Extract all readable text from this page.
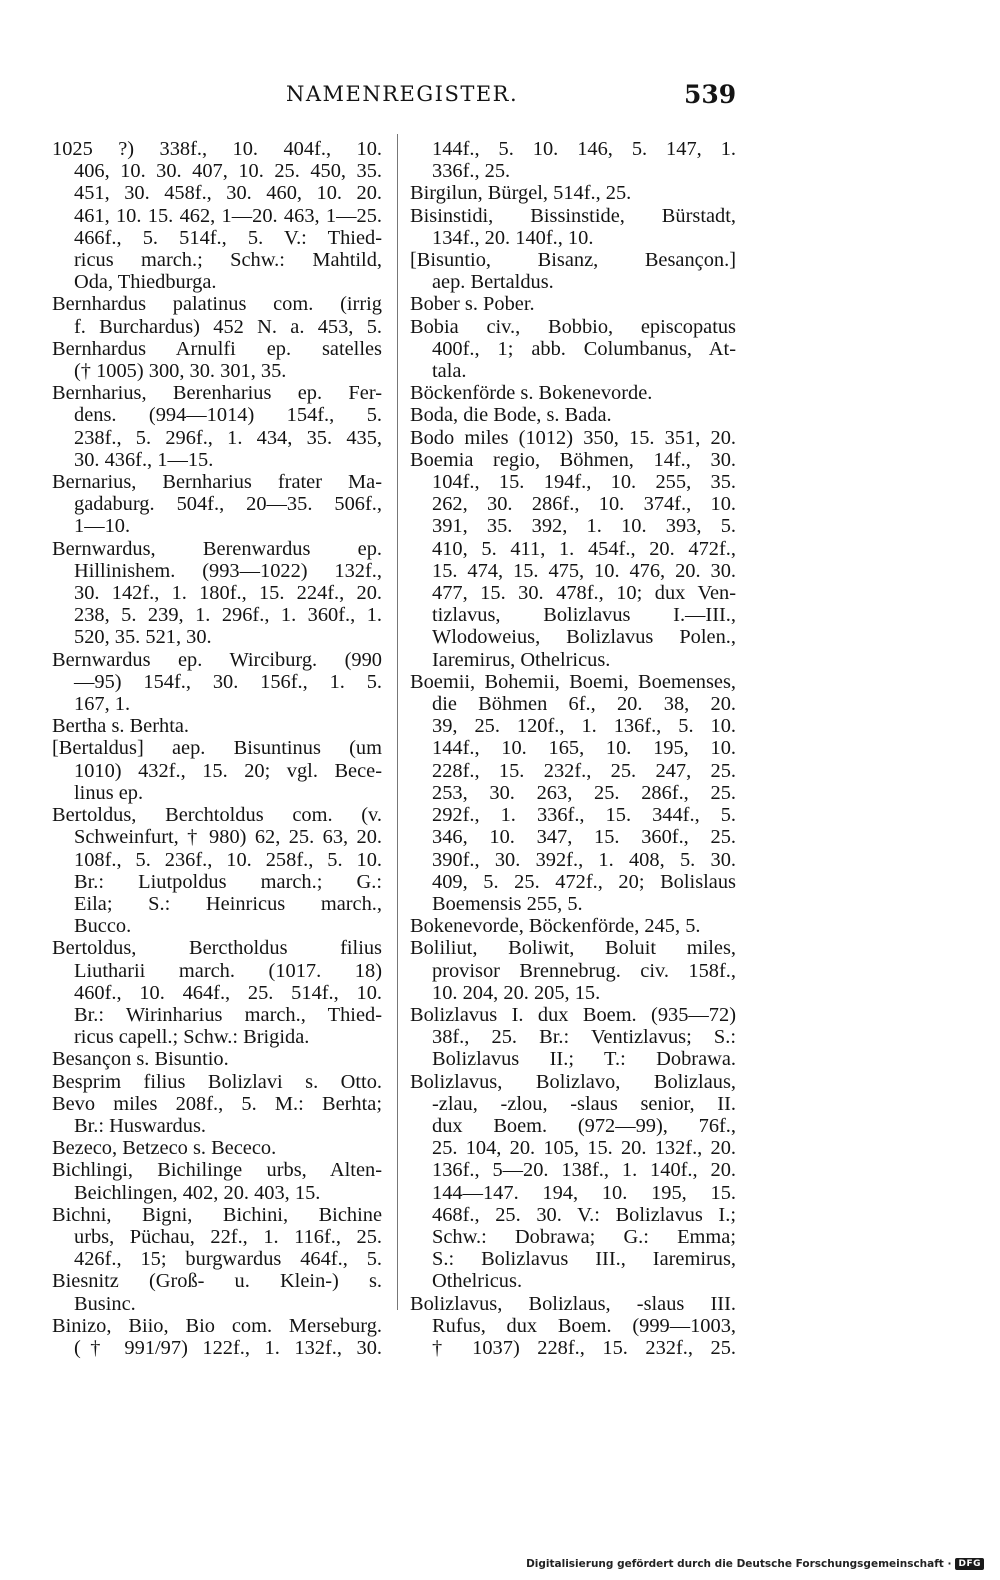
NAMENREGISTER.	539
1025 ?) 338f., 10. 404f., 10.
406, 10. 30. 407, 10. 25. 450, 35.
451, 30. 458f., 30. 460, 10. 20.
461, 10. 15. 462, 1—20. 463, 1—25.
466f., 5. 514f., 5. V.: Thied-
ricus march.; Schw.: Mahtild,
Oda, Thiedburga.
Bernhardus palatinus com. (irrig
f. Burchardus) 452 N. a. 453, 5.
Bernhardus Arnulfi ep. satelles
(† 1005) 300, 30. 301, 35.
Bernharius, Berenharius ep. Fer-
dens. (994—1014) 154f., 5.
238f., 5. 296f., 1. 434, 35. 435,
30. 436f., 1—15.
Bernarius, Bernharius frater Ma-
gadaburg. 504f., 20—35. 506f.,
1—10.
Bernwardus, Berenwardus ep.
Hillinishem. (993—1022) 132f.,
30. 142f., 1. 180f., 15. 224f., 20.
238, 5. 239, 1. 296f., 1. 360f., 1.
520, 35. 521, 30.
Bernwardus ep. Wirciburg. (990
—95) 154f., 30. 156f., 1. 5.
167, 1.
Bertha s. Berhta.
[Bertaldus] aep. Bisuntinus (um
1010) 432f., 15. 20; vgl. Bece-
linus ep.
Bertoldus, Berchtoldus com. (v.
Schweinfurt, † 980) 62, 25. 63, 20.
108f., 5. 236f., 10. 258f., 5. 10.
Br.: Liutpoldus march.; G.:
Eila; S.: Heinricus march.,
Bucco.
Bertoldus, Berctholdus filius
Liutharii march. (1017. 18)
460f., 10. 464f., 25. 514f., 10.
Br.: Wirinharius march., Thied-
ricus capell.; Schw.: Brigida.
Besançon s. Bisuntio.
Besprim filius Bolizlavi s. Otto.
Bevo miles 208f., 5. M.: Berhta;
Br.: Huswardus.
Bezeco, Betzeco s. Bececo.
Bichlingi, Bichilinge urbs, Alten-
Beichlingen, 402, 20. 403, 15.
Bichni, Bigni, Bichini, Bichine
urbs, Püchau, 22f., 1. 116f., 25.
426f., 15; burgwardus 464f., 5.
Biesnitz (Groß- u. Klein-) s.
Businc.
Binizo, Biio, Bio com. Merseburg.
(† 991/97) 122f., 1. 132f., 30.
144f., 5. 10. 146, 5. 147, 1.
336f., 25.
Birgilun, Bürgel, 514f., 25.
Bisinstidi, Bissinstide, Bürstadt,
134f., 20. 140f., 10.
[Bisuntio, Bisanz, Besançon.]
aep. Bertaldus.
Bober s. Pober.
Bobia civ., Bobbio, episcopatus
400f., 1; abb. Columbanus, At-
tala.
Böckenförde s. Bokenevorde.
Boda, die Bode, s. Bada.
Bodo miles (1012) 350, 15. 351, 20.
Boemia regio, Böhmen, 14f., 30.
104f., 15. 194f., 10. 255, 35.
262, 30. 286f., 10. 374f., 10.
391, 35. 392, 1. 10. 393, 5.
410, 5. 411, 1. 454f., 20. 472f.,
15. 474, 15. 475, 10. 476, 20. 30.
477, 15. 30. 478f., 10; dux Ven-
tizlavus, Bolizlavus I.—III.,
Wlodoweius, Bolizlavus Polen.,
Iaremirus, Othelricus.
Boemii, Bohemii, Boemi, Boemenses,
die Böhmen 6f., 20. 38, 20.
39, 25. 120f., 1. 136f., 5. 10.
144f., 10. 165, 10. 195, 10.
228f., 15. 232f., 25. 247, 25.
253, 30. 263, 25. 286f., 25.
292f., 1. 336f., 15. 344f., 5.
346, 10. 347, 15. 360f., 25.
390f., 30. 392f., 1. 408, 5. 30.
409, 5. 25. 472f., 20; Bolislaus
Boemensis 255, 5.
Bokenevorde, Böckenförde, 245, 5.
Boliliut, Boliwit, Boluit miles,
provisor Brennebrug. civ. 158f.,
10. 204, 20. 205, 15.
Bolizlavus I. dux Boem. (935—72)
38f., 25. Br.: Ventizlavus; S.:
Bolizlavus II.; T.: Dobrawa.
Bolizlavus, Bolizlavo, Bolizlaus,
-zlau, -zlou, -slaus senior, II.
dux Boem. (972—99), 76f.,
25. 104, 20. 105, 15. 20. 132f., 20.
136f., 5—20. 138f., 1. 140f., 20.
144—147. 194, 10. 195, 15.
468f., 25. 30. V.: Bolizlavus I.;
Schw.: Dobrawa; G.: Emma;
S.: Bolizlavus III., Iaremirus,
Othelricus.
Bolizlavus, Bolizlaus, -slaus III.
Rufus, dux Boem. (999—1003,
† 1037) 228f., 15. 232f., 25.
Digitalisierung gefördert durch die Deutsche Forschungsgemeinschaft · DFG
